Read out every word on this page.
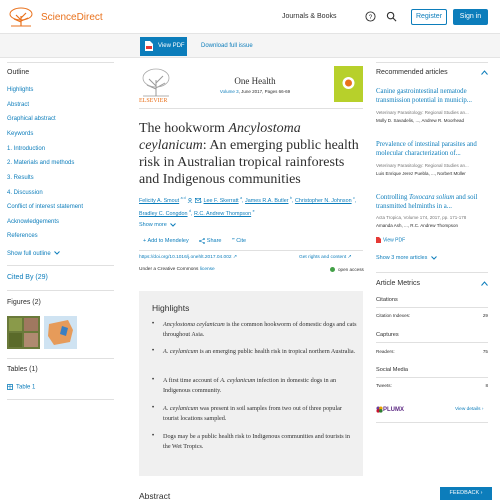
ScienceDirect	Journals & Books	?	Register	Sign in
View PDF	Download full issue
Outline
Highlights
Abstract
Graphical abstract
Keywords
1. Introduction
2. Materials and methods
3. Results
4. Discussion
Conflict of interest statement
Acknowledgements
References
Show full outline
Cited By (29)
Figures (2)
Tables (1)
Table 1
ELSEVIER
One Health
Volume 3, June 2017, Pages 66-69
The hookworm Ancylostoma ceylanicum: An emerging public health risk in Australian tropical rainforests and Indigenous communities
Felicity A. Smout $^{a d}$	, Lee F. Skerratt $^a$, James R.A. Butler $^b$, Christopher N. Johnson $^c$, Bradley C. Congdon $^d$, R.C. Andrew Thompson $^e$
Show more
+ Add to Mendeley	Share ” Cite
https://doi.org/10.1016/j.onehlt.2017.04.002 ↗	Get rights and content ↗
Under a Creative Commons license	open access
Highlights
• Ancylostoma ceylanicum is the common hookworm of domestic dogs and cats throughout Asia.
• A. ceylanicum is an emerging public health risk in tropical northern Australia.
• A first time account of A. ceylanicum infection in domestic dogs in an Indigenous community.
• A. ceylanicum was present in soil samples from two out of three popular tourist locations sampled.
• Dogs may be a public health risk to Indigenous communities and tourists in the Wet Tropics.
Abstract
Recommended articles
Canine gastrointestinal nematode transmission potential in municip...
Veterinary Parasitology: Regional Studies an...
Molly D. Savadelis, ..., Andrew R. Moorhead
Prevalence of intestinal parasites and molecular characterization of...
Veterinary Parasitology: Regional Studies an...
Luis Enrique Jerez Puebla, ..., Norbert Müller
Controlling Toxocara solium and soil transmitted helminths in a...
Acta Tropica, Volume 174, 2017, pp. 171-178
Amanda Ash, ..., R.C. Andrew Thompson
View PDF
Show 3 more articles
Article Metrics
Citations
Citation Indexes:	29
Captures
Readers:	75
Social Media
Tweets:	8
PLUMX	View details ›
FEEDBACK ›
